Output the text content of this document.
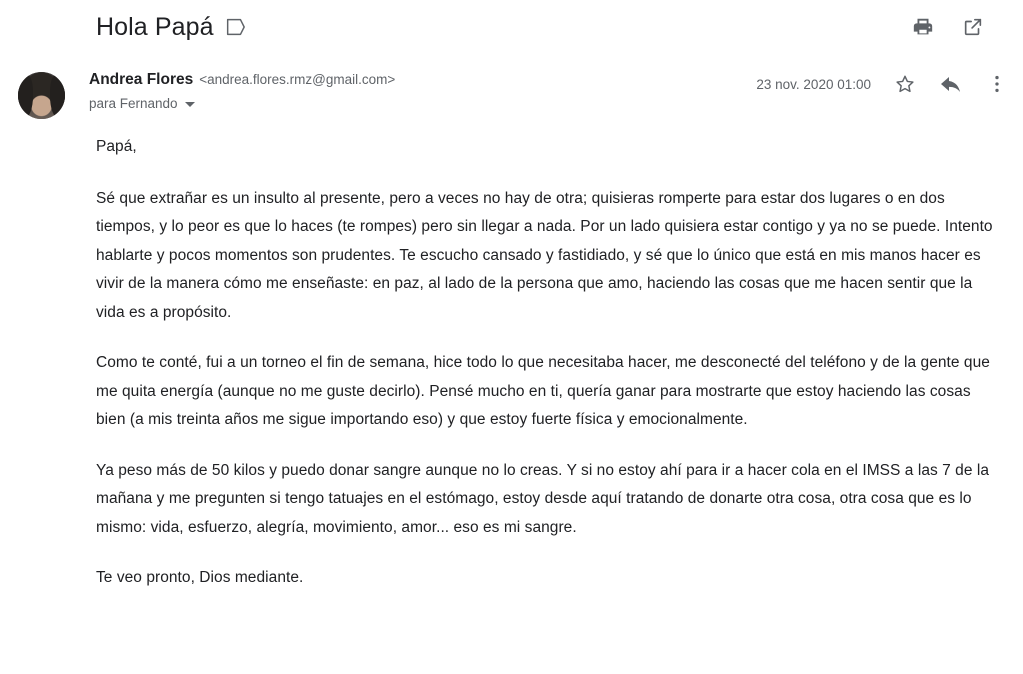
Hola Papá
Andrea Flores <andrea.flores.rmz@gmail.com>
para Fernando
23 nov. 2020 01:00

Papá,

Sé que extrañar es un insulto al presente, pero a veces no hay de otra; quisieras romperte para estar dos lugares o en dos tiempos, y lo peor es que lo haces (te rompes) pero sin llegar a nada. Por un lado quisiera estar contigo y ya no se puede. Intento hablarte y pocos momentos son prudentes. Te escucho cansado y fastidiado, y sé que lo único que está en mis manos hacer es vivir de la manera cómo me enseñaste: en paz, al lado de la persona que amo, haciendo las cosas que me hacen sentir que la vida es a propósito.

Como te conté, fui a un torneo el fin de semana, hice todo lo que necesitaba hacer, me desconecté del teléfono y de la gente que me quita energía (aunque no me guste decirlo). Pensé mucho en ti, quería ganar para mostrarte que estoy haciendo las cosas bien (a mis treinta años me sigue importando eso) y que estoy fuerte física y emocionalmente.

Ya peso más de 50 kilos y puedo donar sangre aunque no lo creas. Y si no estoy ahí para ir a hacer cola en el IMSS a las 7 de la mañana y me pregunten si tengo tatuajes en el estómago, estoy desde aquí tratando de donarte otra cosa, otra cosa que es lo mismo: vida, esfuerzo, alegría, movimiento, amor... eso es mi sangre.

Te veo pronto, Dios mediante.
